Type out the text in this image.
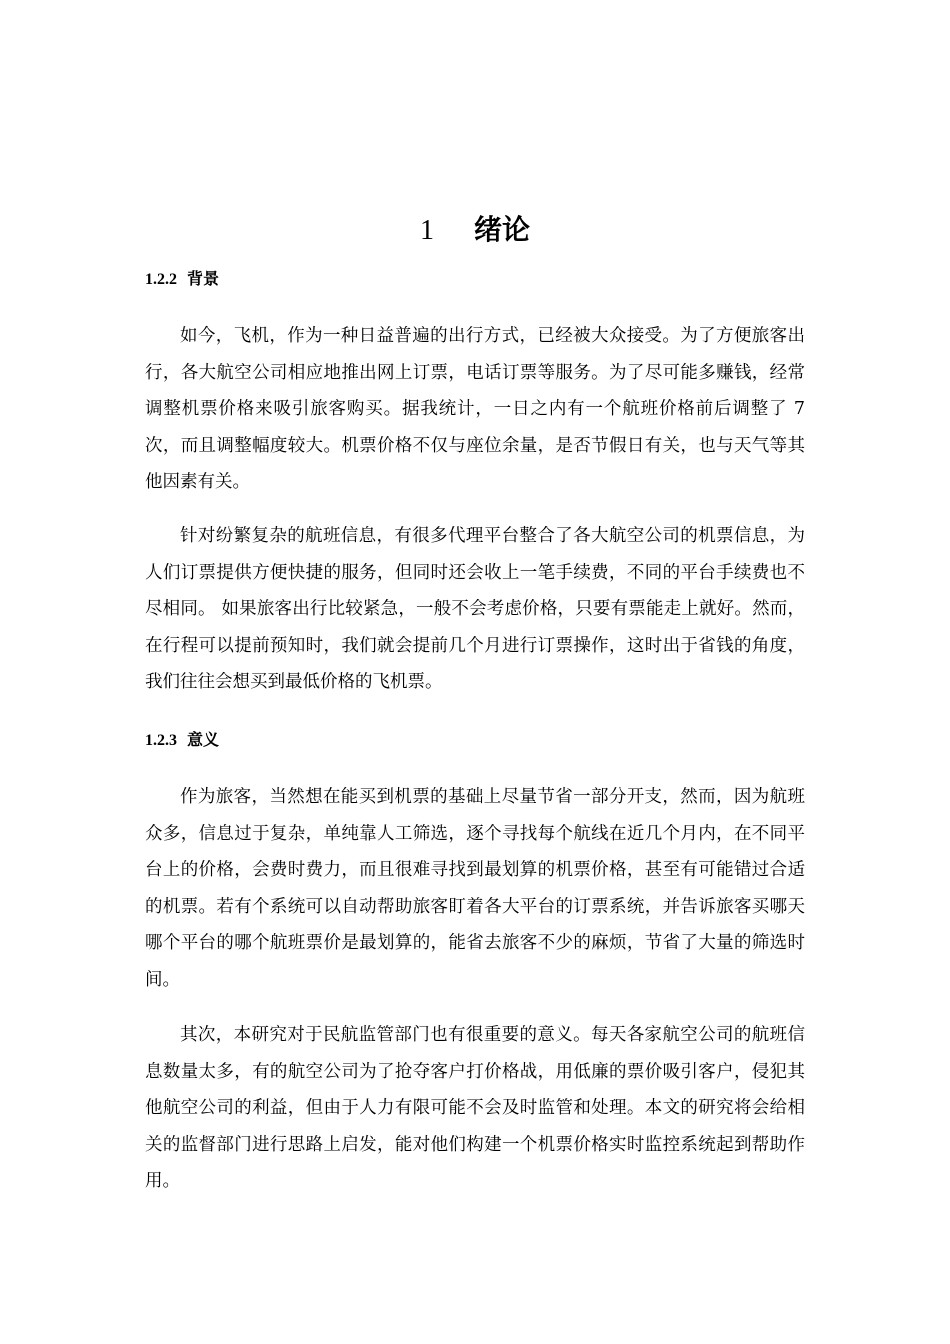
1 绪论
1.2.2 背景

如今，飞机，作为一种日益普遍的出行方式，已经被大众接受。为了方便旅客出行，各大航空公司相应地推出网上订票，电话订票等服务。为了尽可能多赚钱，经常调整机票价格来吸引旅客购买。据我统计，一日之内有一个航班价格前后调整了 7 次，而且调整幅度较大。机票价格不仅与座位余量，是否节假日有关，也与天气等其他因素有关。

针对纷繁复杂的航班信息，有很多代理平台整合了各大航空公司的机票信息，为人们订票提供方便快捷的服务，但同时还会收上一笔手续费，不同的平台手续费也不尽相同。 如果旅客出行比较紧急，一般不会考虑价格，只要有票能走上就好。然而，在行程可以提前预知时，我们就会提前几个月进行订票操作，这时出于省钱的角度，我们往往会想买到最低价格的飞机票。

1.2.3 意义

作为旅客，当然想在能买到机票的基础上尽量节省一部分开支，然而，因为航班众多，信息过于复杂，单纯靠人工筛选，逐个寻找每个航线在近几个月内，在不同平台上的价格，会费时费力，而且很难寻找到最划算的机票价格，甚至有可能错过合适的机票。若有个系统可以自动帮助旅客盯着各大平台的订票系统，并告诉旅客买哪天哪个平台的哪个航班票价是最划算的，能省去旅客不少的麻烦，节省了大量的筛选时间。

其次，本研究对于民航监管部门也有很重要的意义。每天各家航空公司的航班信息数量太多，有的航空公司为了抢夺客户打价格战，用低廉的票价吸引客户，侵犯其他航空公司的利益，但由于人力有限可能不会及时监管和处理。本文的研究将会给相关的监督部门进行思路上启发，能对他们构建一个机票价格实时监控系统起到帮助作用。
